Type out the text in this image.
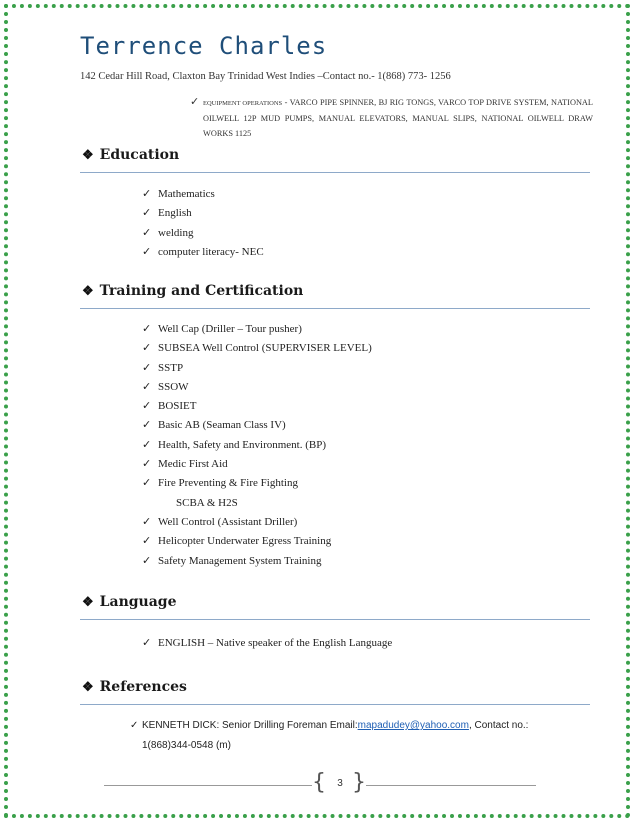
Terrence Charles
142 Cedar Hill Road, Claxton Bay Trinidad West Indies –Contact no.- 1(868) 773- 1256
✓ EQUIPMENT OPERATIONS - VARCO PIPE SPINNER, BJ RIG TONGS, VARCO TOP DRIVE SYSTEM, NATIONAL OILWELL 12P MUD PUMPS, MANUAL ELEVATORS, MANUAL SLIPS, NATIONAL OILWELL DRAW WORKS 1125
❖ Education
✓ Mathematics
✓ English
✓ welding
✓ computer literacy- NEC
❖ Training and Certification
✓ Well Cap (Driller – Tour pusher)
✓ SUBSEA Well Control (SUPERVISER LEVEL)
✓ SSTP
✓ SSOW
✓ BOSIET
✓ Basic AB (Seaman Class IV)
✓ Health, Safety and Environment. (BP)
✓ Medic First Aid
✓ Fire Preventing & Fire Fighting
SCBA & H2S
✓ Well Control (Assistant Driller)
✓ Helicopter Underwater Egress Training
✓ Safety Management System Training
❖ Language
✓ ENGLISH – Native speaker of the English Language
❖ References
✓ KENNETH DICK: Senior Drilling Foreman Email:mapadudey@yahoo.com, Contact no.:
1(868)344-0548 (m)
{ }
3
